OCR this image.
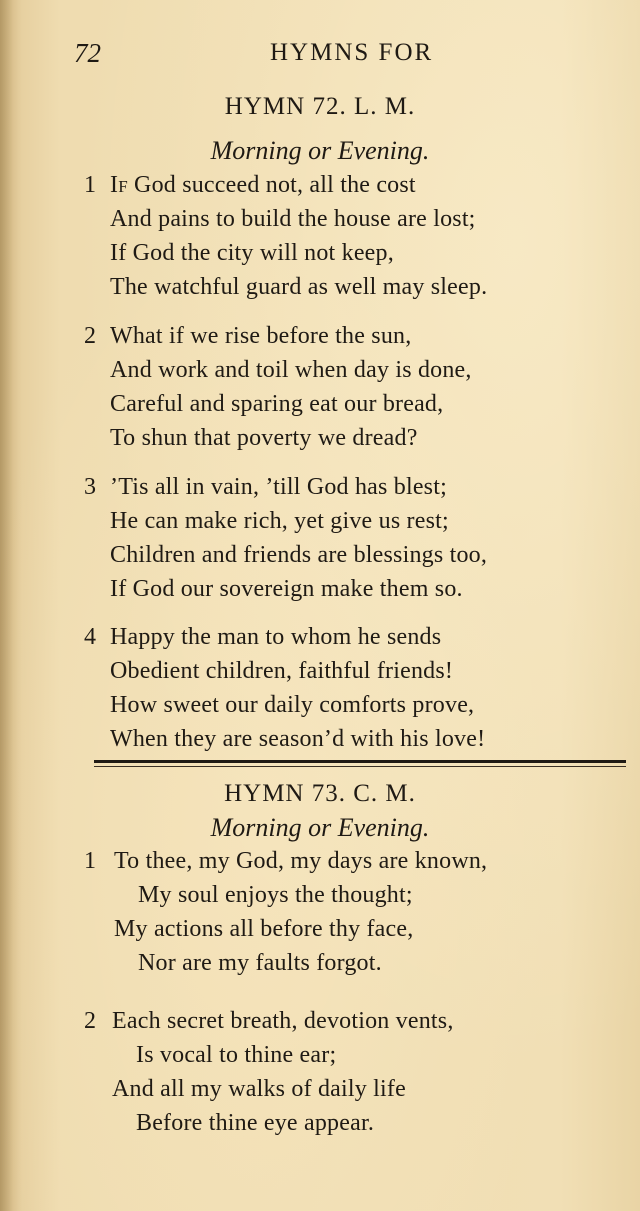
72	HYMNS FOR
HYMN 72. L. M.
Morning or Evening.
1 If God succeed not, all the cost
And pains to build the house are lost;
If God the city will not keep,
The watchful guard as well may sleep.
2 What if we rise before the sun,
And work and toil when day is done,
Careful and sparing eat our bread,
To shun that poverty we dread?
3 ’Tis all in vain, ’till God has blest;
He can make rich, yet give us rest;
Children and friends are blessings too,
If God our sovereign make them so.
4 Happy the man to whom he sends
Obedient children, faithful friends!
How sweet our daily comforts prove,
When they are season’d with his love!
HYMN 73. C. M.
Morning or Evening.
1 To thee, my God, my days are known,
My soul enjoys the thought;
My actions all before thy face,
Nor are my faults forgot.
2 Each secret breath, devotion vents,
Is vocal to thine ear;
And all my walks of daily life
Before thine eye appear.
